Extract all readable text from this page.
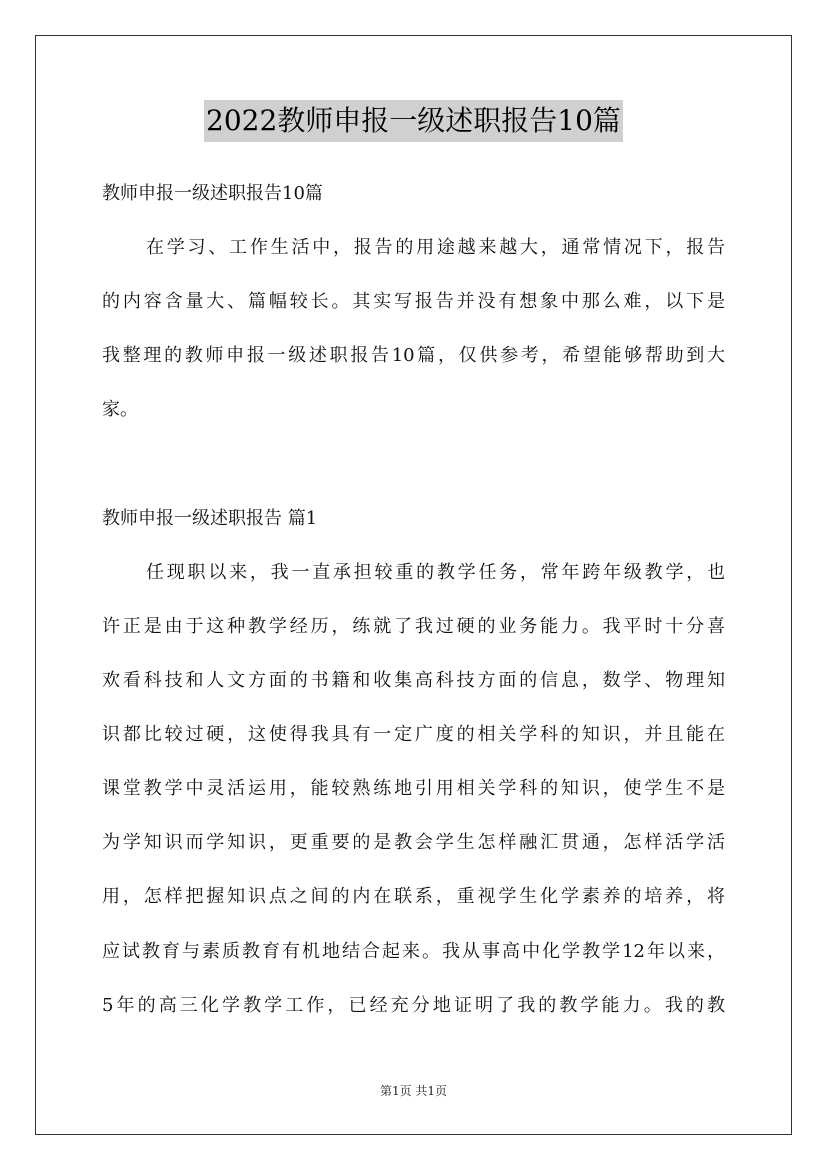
2022教师申报一级述职报告10篇
教师申报一级述职报告10篇
在学习、工作生活中，报告的用途越来越大，通常情况下，报告
的内容含量大、篇幅较长。其实写报告并没有想象中那么难，以下是
我整理的教师申报一级述职报告10篇，仅供参考，希望能够帮助到大
家。
教师申报一级述职报告 篇1
任现职以来，我一直承担较重的教学任务，常年跨年级教学，也
许正是由于这种教学经历，练就了我过硬的业务能力。我平时十分喜
欢看科技和人文方面的书籍和收集高科技方面的信息，数学、物理知
识都比较过硬，这使得我具有一定广度的相关学科的知识，并且能在
课堂教学中灵活运用，能较熟练地引用相关学科的知识，使学生不是
为学知识而学知识，更重要的是教会学生怎样融汇贯通，怎样活学活
用，怎样把握知识点之间的内在联系，重视学生化学素养的培养，将
应试教育与素质教育有机地结合起来。我从事高中化学教学12年以来，
5年的高三化学教学工作，已经充分地证明了我的教学能力。我的教
第1页 共1页
